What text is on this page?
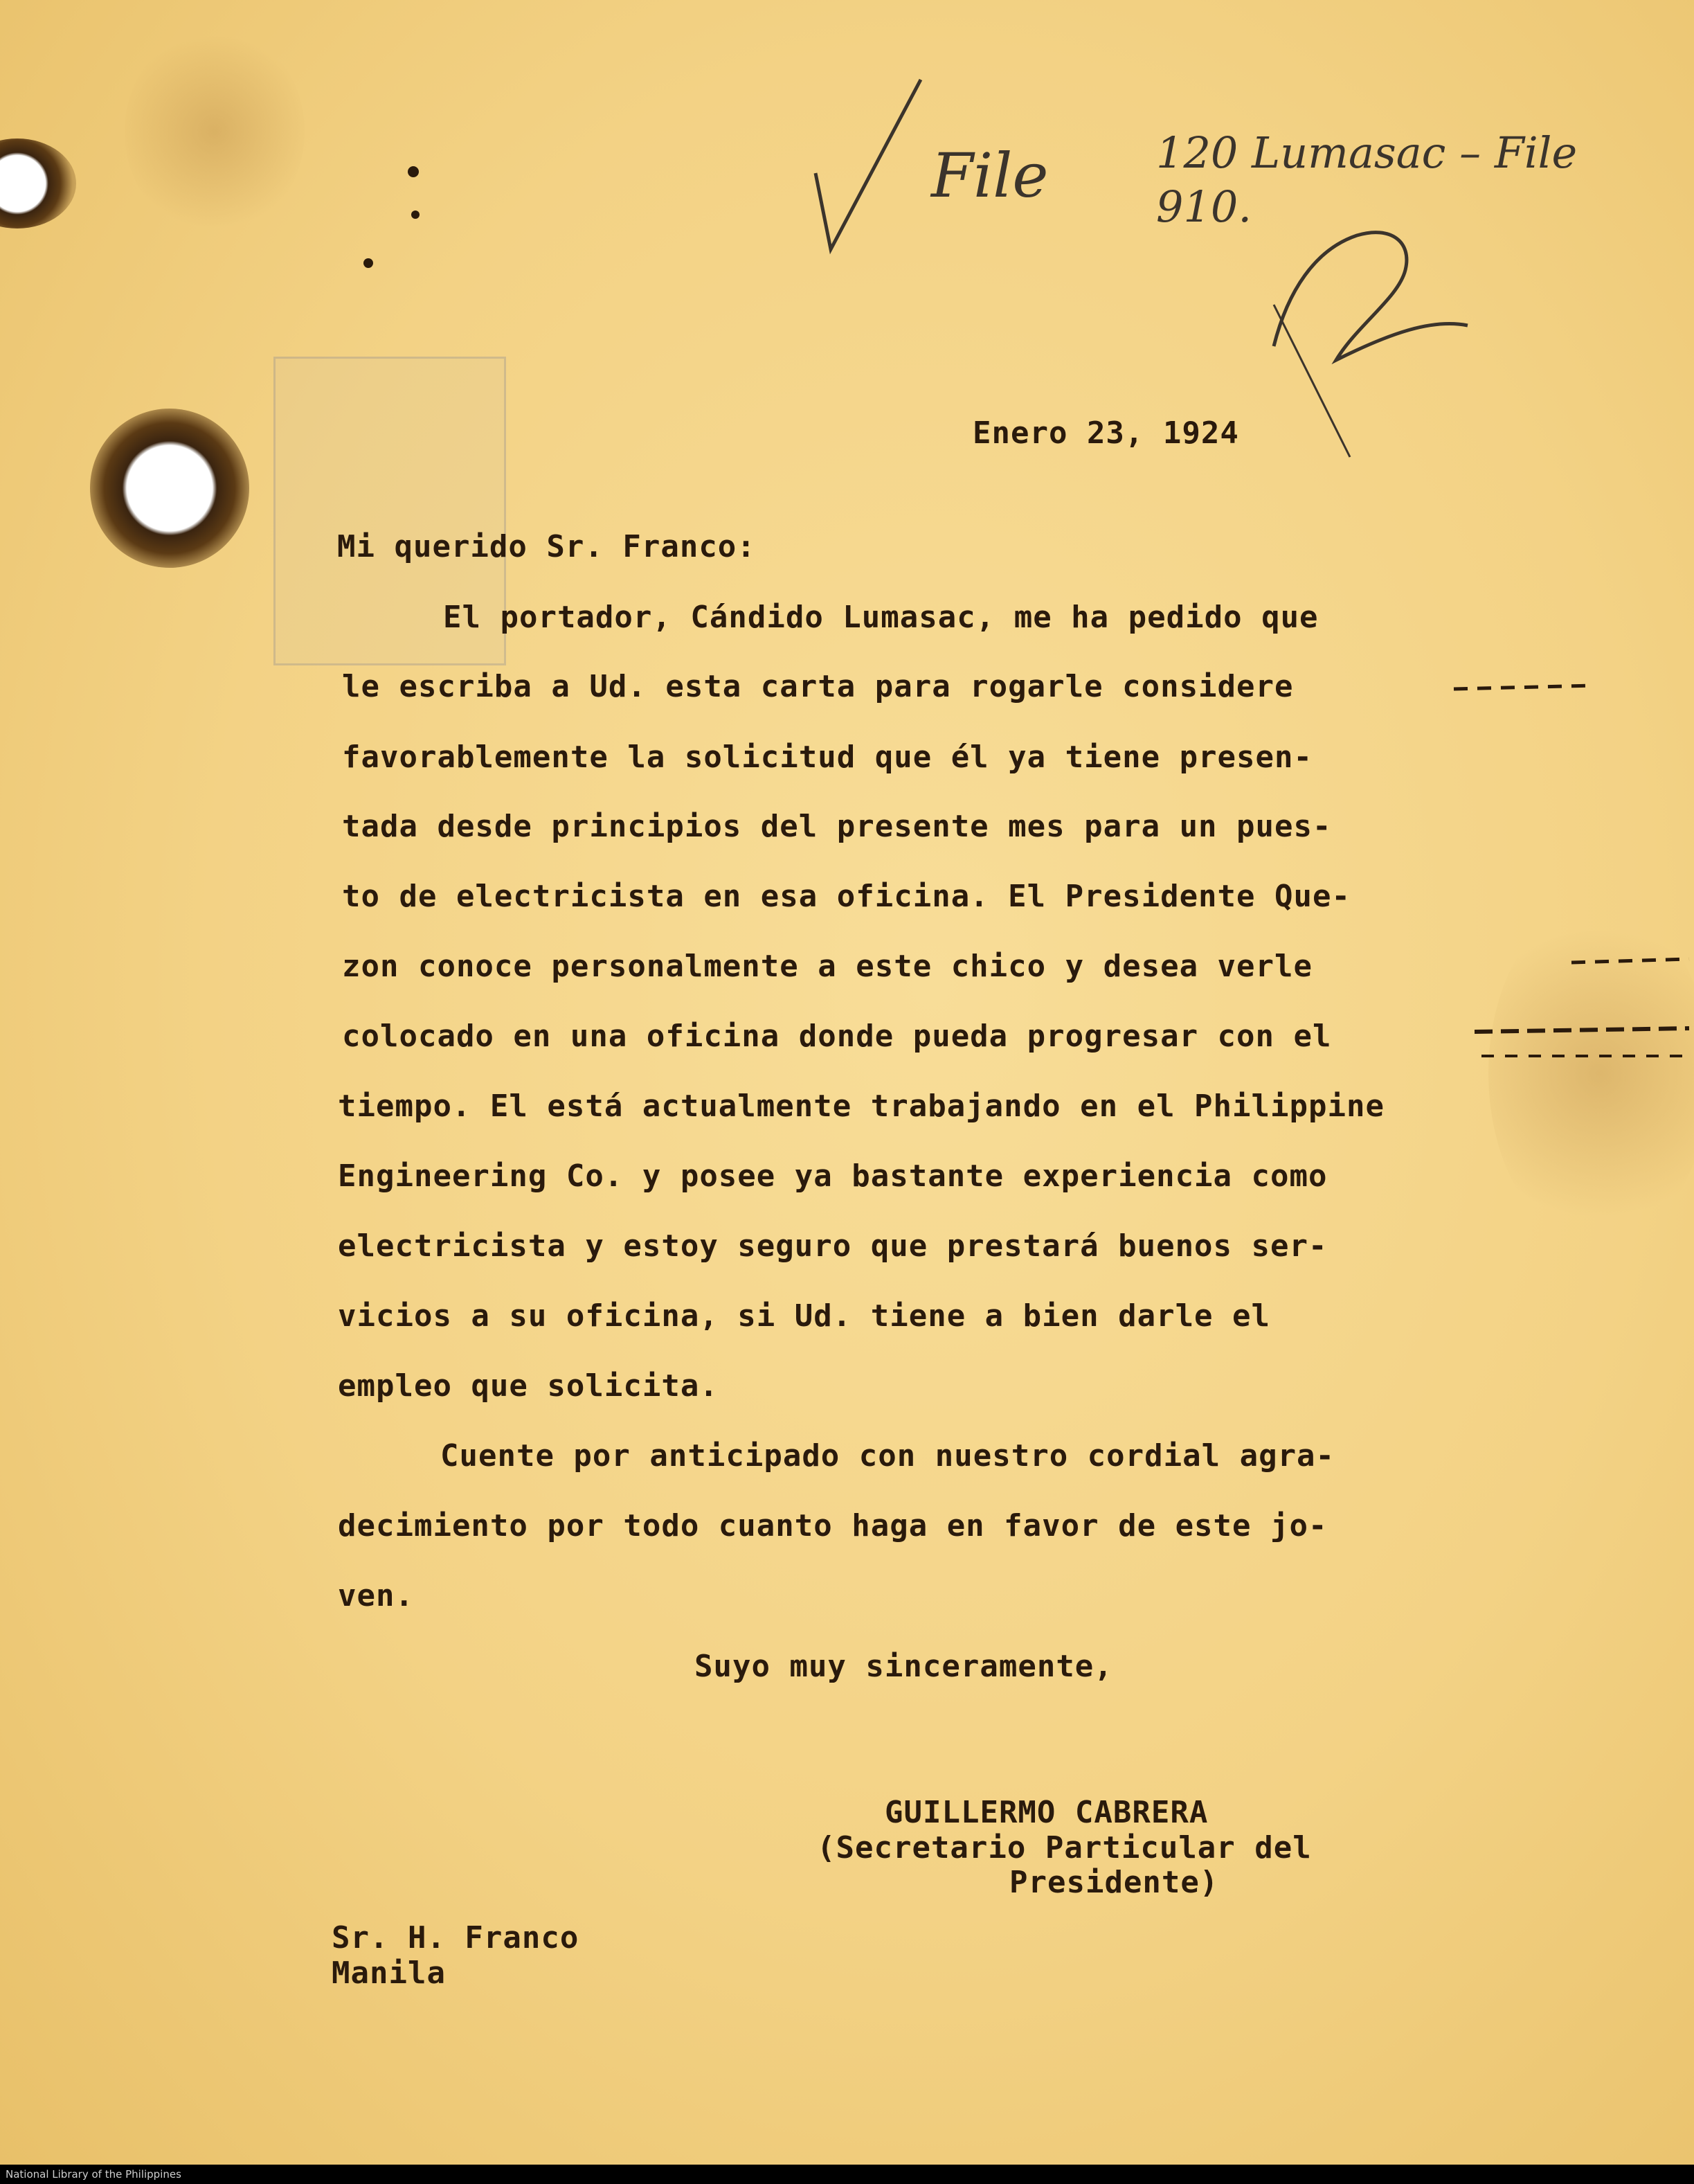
File	120 Lumasac – File
910.
Enero 23, 1924
Mi querido Sr. Franco:
El portador, Cándido Lumasac, me ha pedido que
le escriba a Ud. esta carta para rogarle considere
favorablemente la solicitud que él ya tiene presen-
tada desde principios del presente mes para un pues-
to de electricista en esa oficina. El Presidente Que-
zon conoce personalmente a este chico y desea verle
colocado en una oficina donde pueda progresar con el
tiempo. El está actualmente trabajando en el Philippine
Engineering Co. y posee ya bastante experiencia como
electricista y estoy seguro que prestará buenos ser-
vicios a su oficina, si Ud. tiene a bien darle el
empleo que solicita.
Cuente por anticipado con nuestro cordial agra-
decimiento por todo cuanto haga en favor de este jo-
ven.
Suyo muy sinceramente,
GUILLERMO CABRERA
(Secretario Particular del
Presidente)
Sr. H. Franco
Manila
National Library of the Philippines
